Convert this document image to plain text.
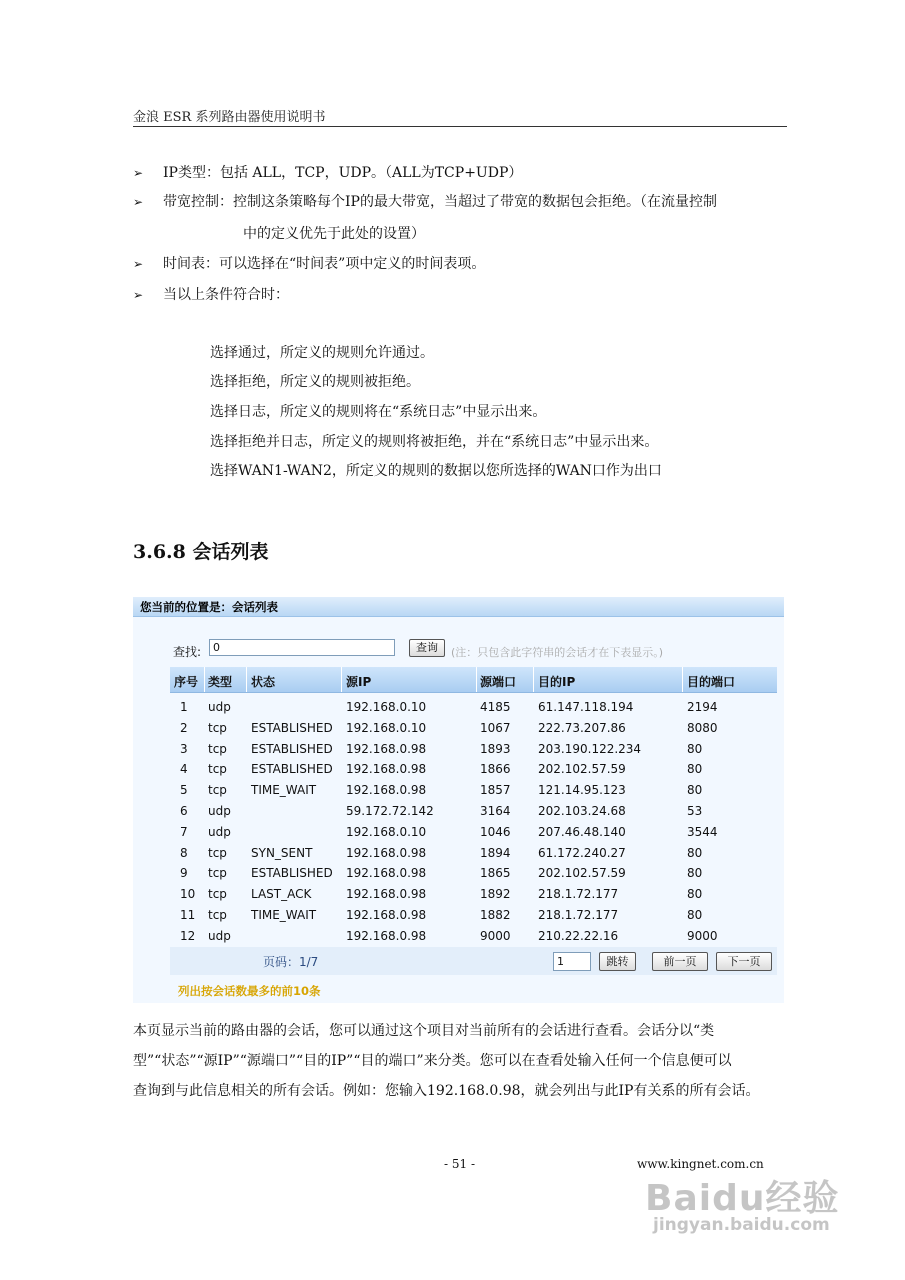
金浪 ESR 系列路由器使用说明书
➢ IP类型：包括 ALL，TCP，UDP。（ALL为TCP+UDP）
➢ 带宽控制：控制这条策略每个IP的最大带宽，当超过了带宽的数据包会拒绝。（在流量控制
中的定义优先于此处的设置）
➢ 时间表：可以选择在“时间表”项中定义的时间表项。
➢ 当以上条件符合时：
选择通过，所定义的规则允许通过。
选择拒绝，所定义的规则被拒绝。
选择日志，所定义的规则将在“系统日志”中显示出来。
选择拒绝并日志，所定义的规则将被拒绝，并在“系统日志”中显示出来。
选择WAN1-WAN2，所定义的规则的数据以您所选择的WAN口作为出口
3.6.8 会话列表
您当前的位置是：会话列表
查找:	0	查询	(注：只包含此字符串的会话才在下表显示。)
序号 类型 状态	源IP	源端口 目的IP	目的端口
1 udp	192.168.0.10	4185 61.147.118.194	2194
2 tcp ESTABLISHED 192.168.0.10	1067 222.73.207.86	8080
3 tcp ESTABLISHED 192.168.0.98	1893 203.190.122.234	80
4 tcp ESTABLISHED 192.168.0.98	1866 202.102.57.59	80
5 tcp TIME_WAIT 192.168.0.98	1857 121.14.95.123	80
6 udp	59.172.72.142	3164 202.103.24.68	53
7 udp	192.168.0.10	1046 207.46.48.140	3544
8 tcp SYN_SENT	192.168.0.98	1894 61.172.240.27	80
9 tcp ESTABLISHED 192.168.0.98	1865 202.102.57.59	80
10 tcp LAST_ACK	192.168.0.98	1892 218.1.72.177	80
11 tcp TIME_WAIT 192.168.0.98	1882 218.1.72.177	80
12 udp	192.168.0.98	9000 210.22.22.16	9000
页码：1/7	1	跳转	前一页	下一页
列出按会话数最多的前10条
本页显示当前的路由器的会话，您可以通过这个项目对当前所有的会话进行查看。会话分以“类
型”“状态”“源IP”“源端口”“目的IP”“目的端口”来分类。您可以在查看处输入任何一个信息便可以
查询到与此信息相关的所有会话。例如：您输入192.168.0.98，就会列出与此IP有关系的所有会话。
- 51 -	www.kingnet.com.cn
Baidu经验
jingyan.baidu.com
